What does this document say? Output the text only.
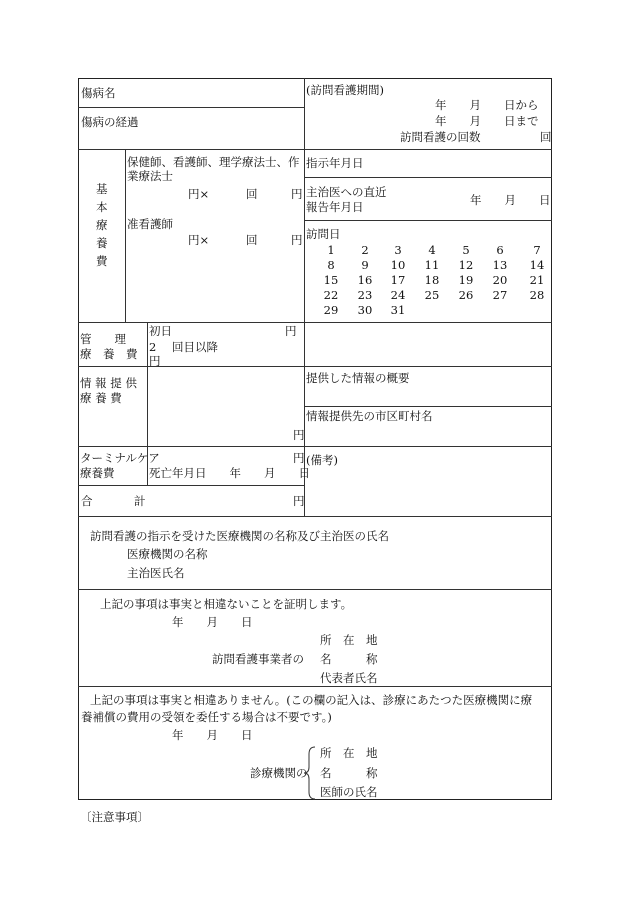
傷病名
傷病の経過
(訪問看護期間)
年　　月　　日から
年　　月　　日まで
訪問看護の回数	回
基
本
療
養
費
保健師、看護師、理学療法士、作業療法士
円×	回	円
准看護師
円×	回	円
指示年月日
主治医への直近
報告年月日	年　　月　　日
訪問日
1	2	3	4	5	6	7
8	9	10	11	12	13	14
15	16	17	18	19	20	21
22	23	24	25	26	27	28
29	30	31
管　　理
療　養　費
初日	円
2 回目以降
円
情 報 提 供
療 養 費
円
提供した情報の概要
情報提供先の市区町村名
ターミナルケア
療養費
円
死亡年月日　　年　　月　　日
(備考)
合	計	円
訪問看護の指示を受けた医療機関の名称及び主治医の氏名
医療機関の名称
主治医氏名
上記の事項は事実と相違ないことを証明します。
年　　月　　日
所　在　地
訪問看護事業者の 名　　　称
代表者氏名
上記の事項は事実と相違ありません。(この欄の記入は、診療にあたつた医療機関に療
養補償の費用の受領を委任する場合は不要です。)
年　　月　　日
診療機関の
所　在　地
名　　　称
医師の氏名
〔注意事項〕
